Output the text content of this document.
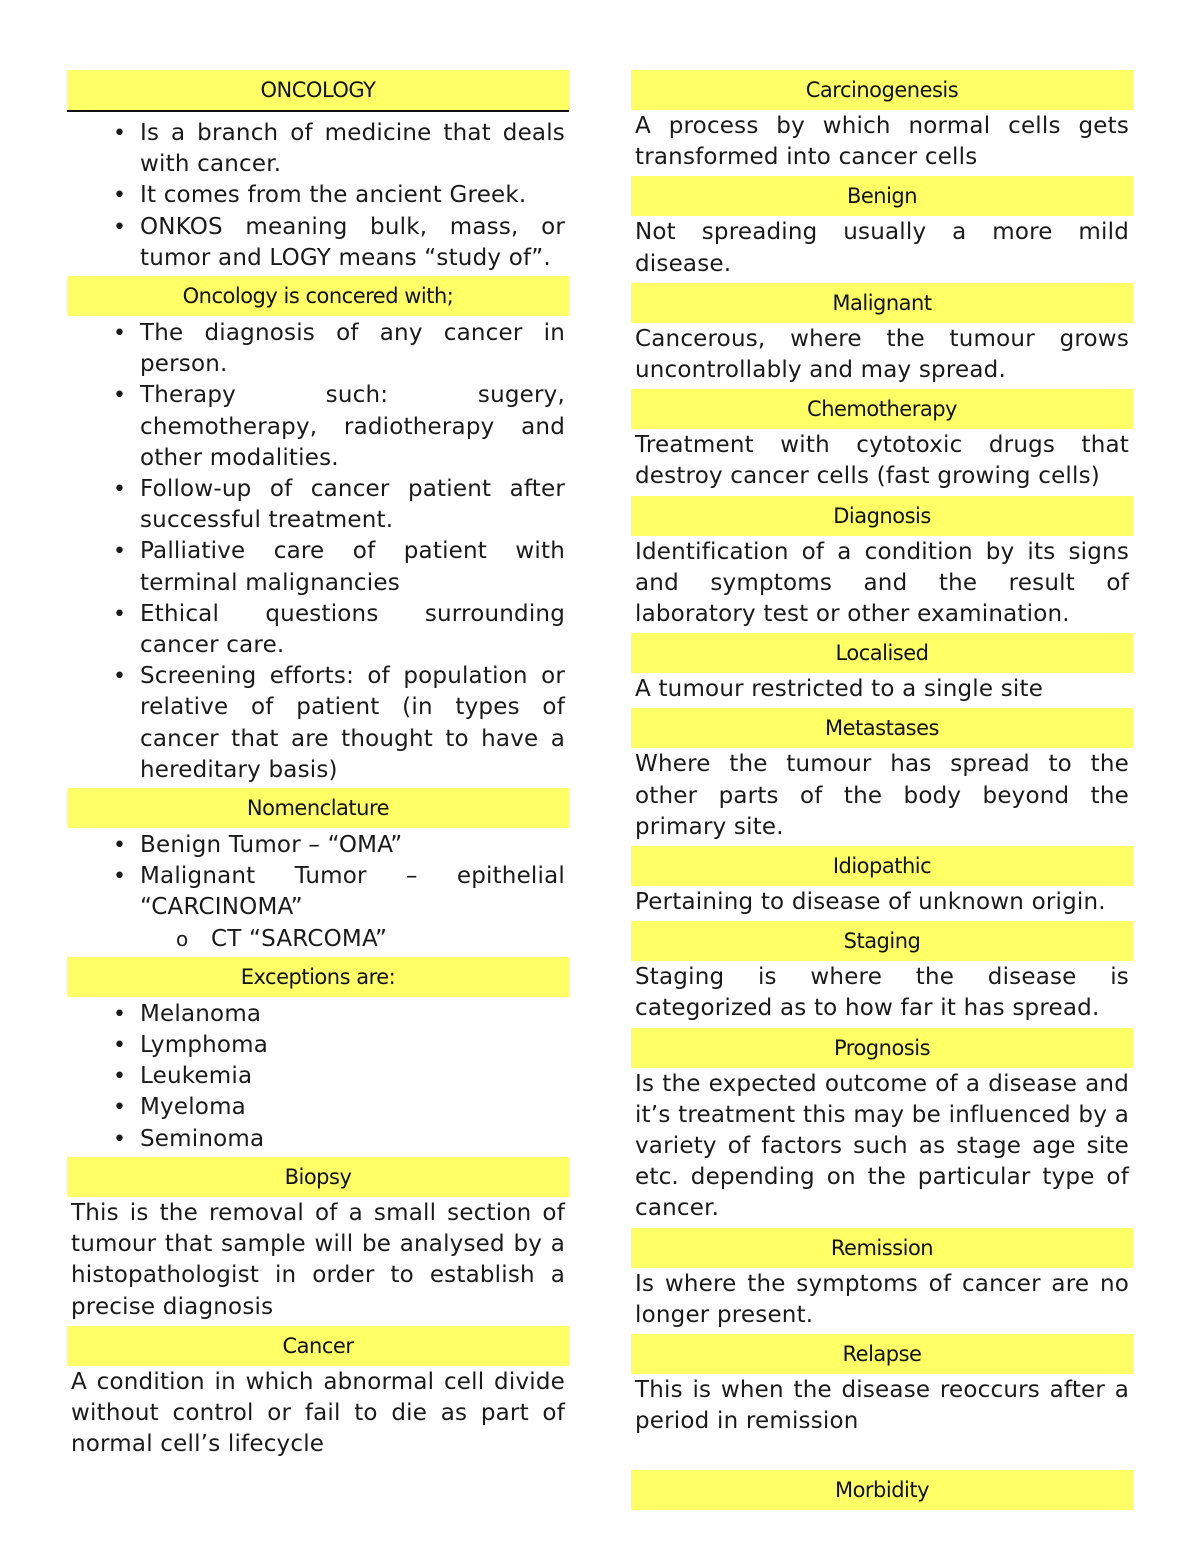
ONCOLOGY
• Is a branch of medicine that deals with cancer.
• It comes from the ancient Greek.
• ONKOS meaning bulk, mass, or tumor and LOGY means “study of”.
Oncology is concered with;
• The diagnosis of any cancer in person.
• Therapy such: sugery, chemotherapy, radiotherapy and other modalities.
• Follow-up of cancer patient after successful treatment.
• Palliative care of patient with terminal malignancies
• Ethical questions surrounding cancer care.
• Screening efforts: of population or relative of patient (in types of cancer that are thought to have a hereditary basis)
Nomenclature
• Benign Tumor – “OMA”
• Malignant Tumor – epithelial “CARCINOMA”
o CT “SARCOMA”
Exceptions are:
• Melanoma
• Lymphoma
• Leukemia
• Myeloma
• Seminoma
Biopsy
This is the removal of a small section of tumour that sample will be analysed by a histopathologist in order to establish a precise diagnosis
Cancer
A condition in which abnormal cell divide without control or fail to die as part of normal cell’s lifecycle
Carcinogenesis
A process by which normal cells gets transformed into cancer cells
Benign
Not spreading usually a more mild disease.
Malignant
Cancerous, where the tumour grows uncontrollably and may spread.
Chemotherapy
Treatment with cytotoxic drugs that destroy cancer cells (fast growing cells)
Diagnosis
Identification of a condition by its signs and symptoms and the result of laboratory test or other examination.
Localised
A tumour restricted to a single site
Metastases
Where the tumour has spread to the other parts of the body beyond the primary site.
Idiopathic
Pertaining to disease of unknown origin.
Staging
Staging is where the disease is categorized as to how far it has spread.
Prognosis
Is the expected outcome of a disease and it’s treatment this may be influenced by a variety of factors such as stage age site etc. depending on the particular type of cancer.
Remission
Is where the symptoms of cancer are no longer present.
Relapse
This is when the disease reoccurs after a period in remission
Morbidity
